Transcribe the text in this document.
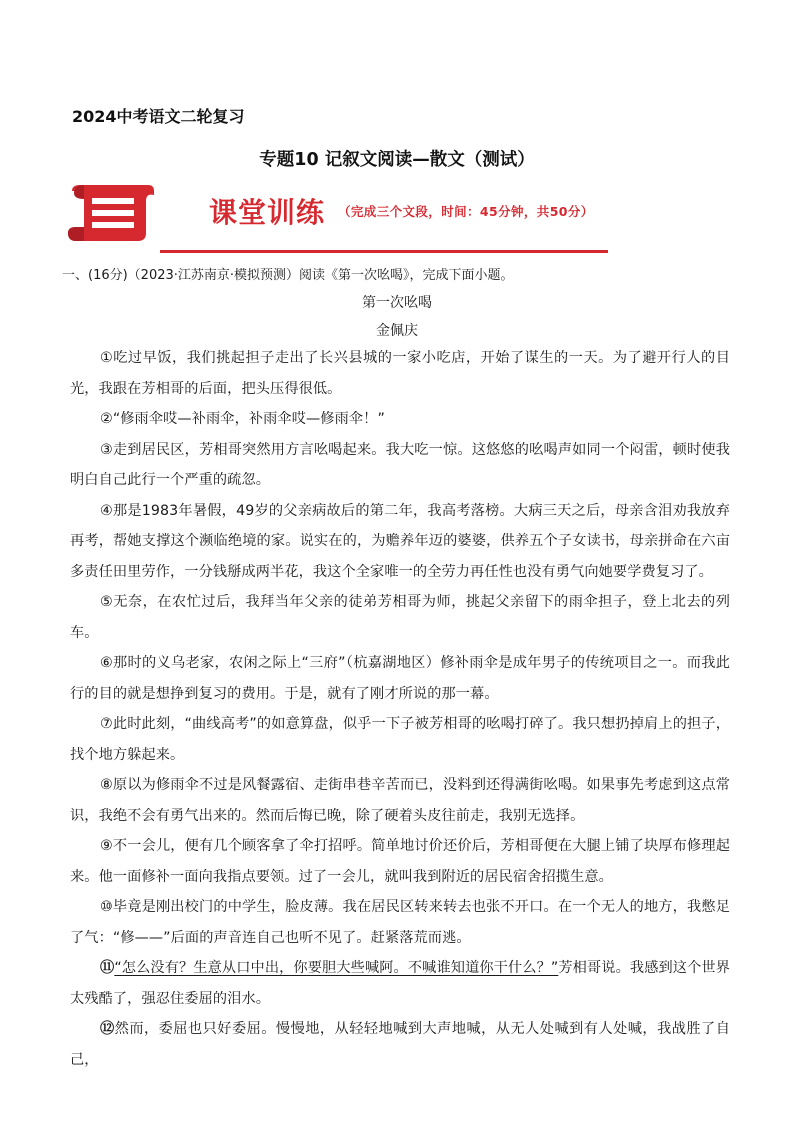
2024中考语文二轮复习
专题10 记叙文阅读—散文（测试）
课堂训练 （完成三个文段，时间：45分钟，共50分）
一、(16分)（2023·江苏南京·模拟预测）阅读《第一次吆喝》，完成下面小题。
第一次吆喝
金佩庆

①吃过早饭，我们挑起担子走出了长兴县城的一家小吃店，开始了谋生的一天。为了避开行人的目光，我跟在芳相哥的后面，把头压得很低。

②“修雨伞哎—补雨伞，补雨伞哎—修雨伞！”

③走到居民区，芳相哥突然用方言吆喝起来。我大吃一惊。这悠悠的吆喝声如同一个闷雷，顿时使我明白自己此行一个严重的疏忽。

④那是1983年暑假，49岁的父亲病故后的第二年，我高考落榜。大病三天之后，母亲含泪劝我放弃再考，帮她支撑这个濒临绝境的家。说实在的，为赡养年迈的婆婆，供养五个子女读书，母亲拼命在六亩多责任田里劳作，一分钱掰成两半花，我这个全家唯一的全劳力再任性也没有勇气向她要学费复习了。

⑤无奈，在农忙过后，我拜当年父亲的徒弟芳相哥为师，挑起父亲留下的雨伞担子，登上北去的列车。

⑥那时的义乌老家，农闲之际上“三府”（杭嘉湖地区）修补雨伞是成年男子的传统项目之一。而我此行的目的就是想挣到复习的费用。于是，就有了刚才所说的那一幕。

⑦此时此刻，“曲线高考”的如意算盘，似乎一下子被芳相哥的吆喝打碎了。我只想扔掉肩上的担子，找个地方躲起来。

⑧原以为修雨伞不过是风餐露宿、走街串巷辛苦而已，没料到还得满街吆喝。如果事先考虑到这点常识，我绝不会有勇气出来的。然而后悔已晚，除了硬着头皮往前走，我别无选择。

⑨不一会儿，便有几个顾客拿了伞打招呼。简单地讨价还价后，芳相哥便在大腿上铺了块厚布修理起来。他一面修补一面向我指点要领。过了一会儿，就叫我到附近的居民宿舍招揽生意。

⑩毕竟是刚出校门的中学生，脸皮薄。我在居民区转来转去也张不开口。在一个无人的地方，我憋足了气：“修——”后面的声音连自己也听不见了。赶紧落荒而逃。

⑪“怎么没有？生意从口中出，你要胆大些喊阿。不喊谁知道你干什么？”芳相哥说。我感到这个世界太残酷了，强忍住委屈的泪水。

⑫然而，委屈也只好委屈。慢慢地，从轻轻地喊到大声地喊，从无人处喊到有人处喊，我战胜了自己，
